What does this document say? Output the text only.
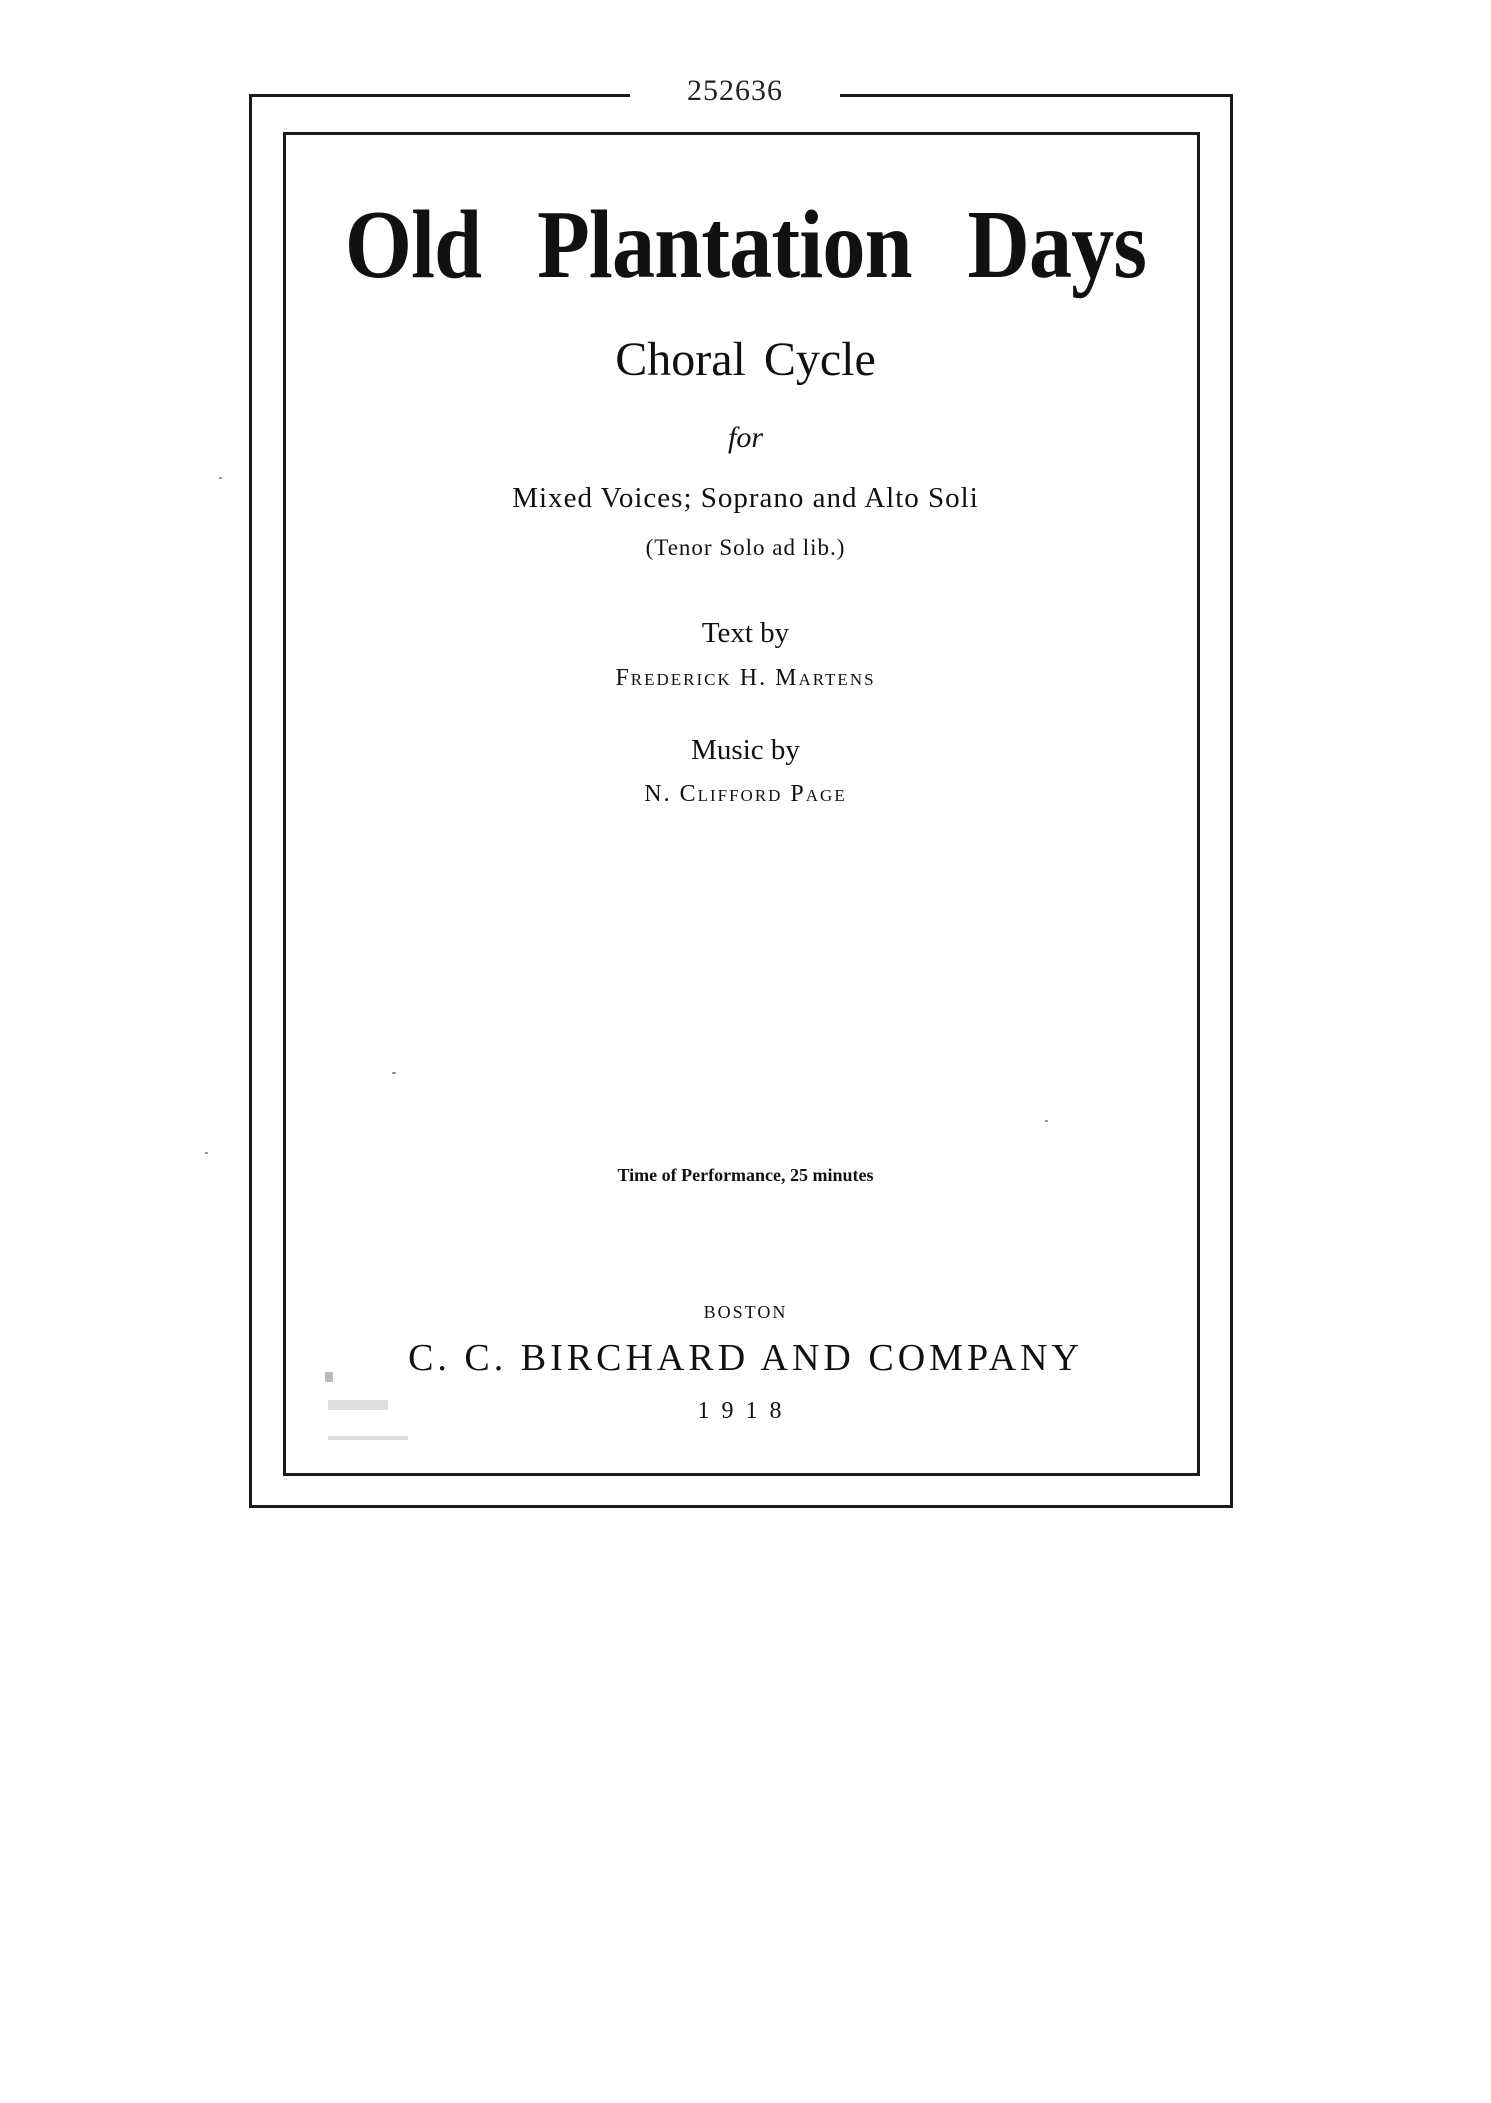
252636
Old Plantation Days
Choral Cycle
for
Mixed Voices; Soprano and Alto Soli
(Tenor Solo ad lib.)
Text by
Frederick H. Martens
Music by
N. Clifford Page
Time of Performance, 25 minutes
BOSTON
C. C. BIRCHARD AND COMPANY
1918
